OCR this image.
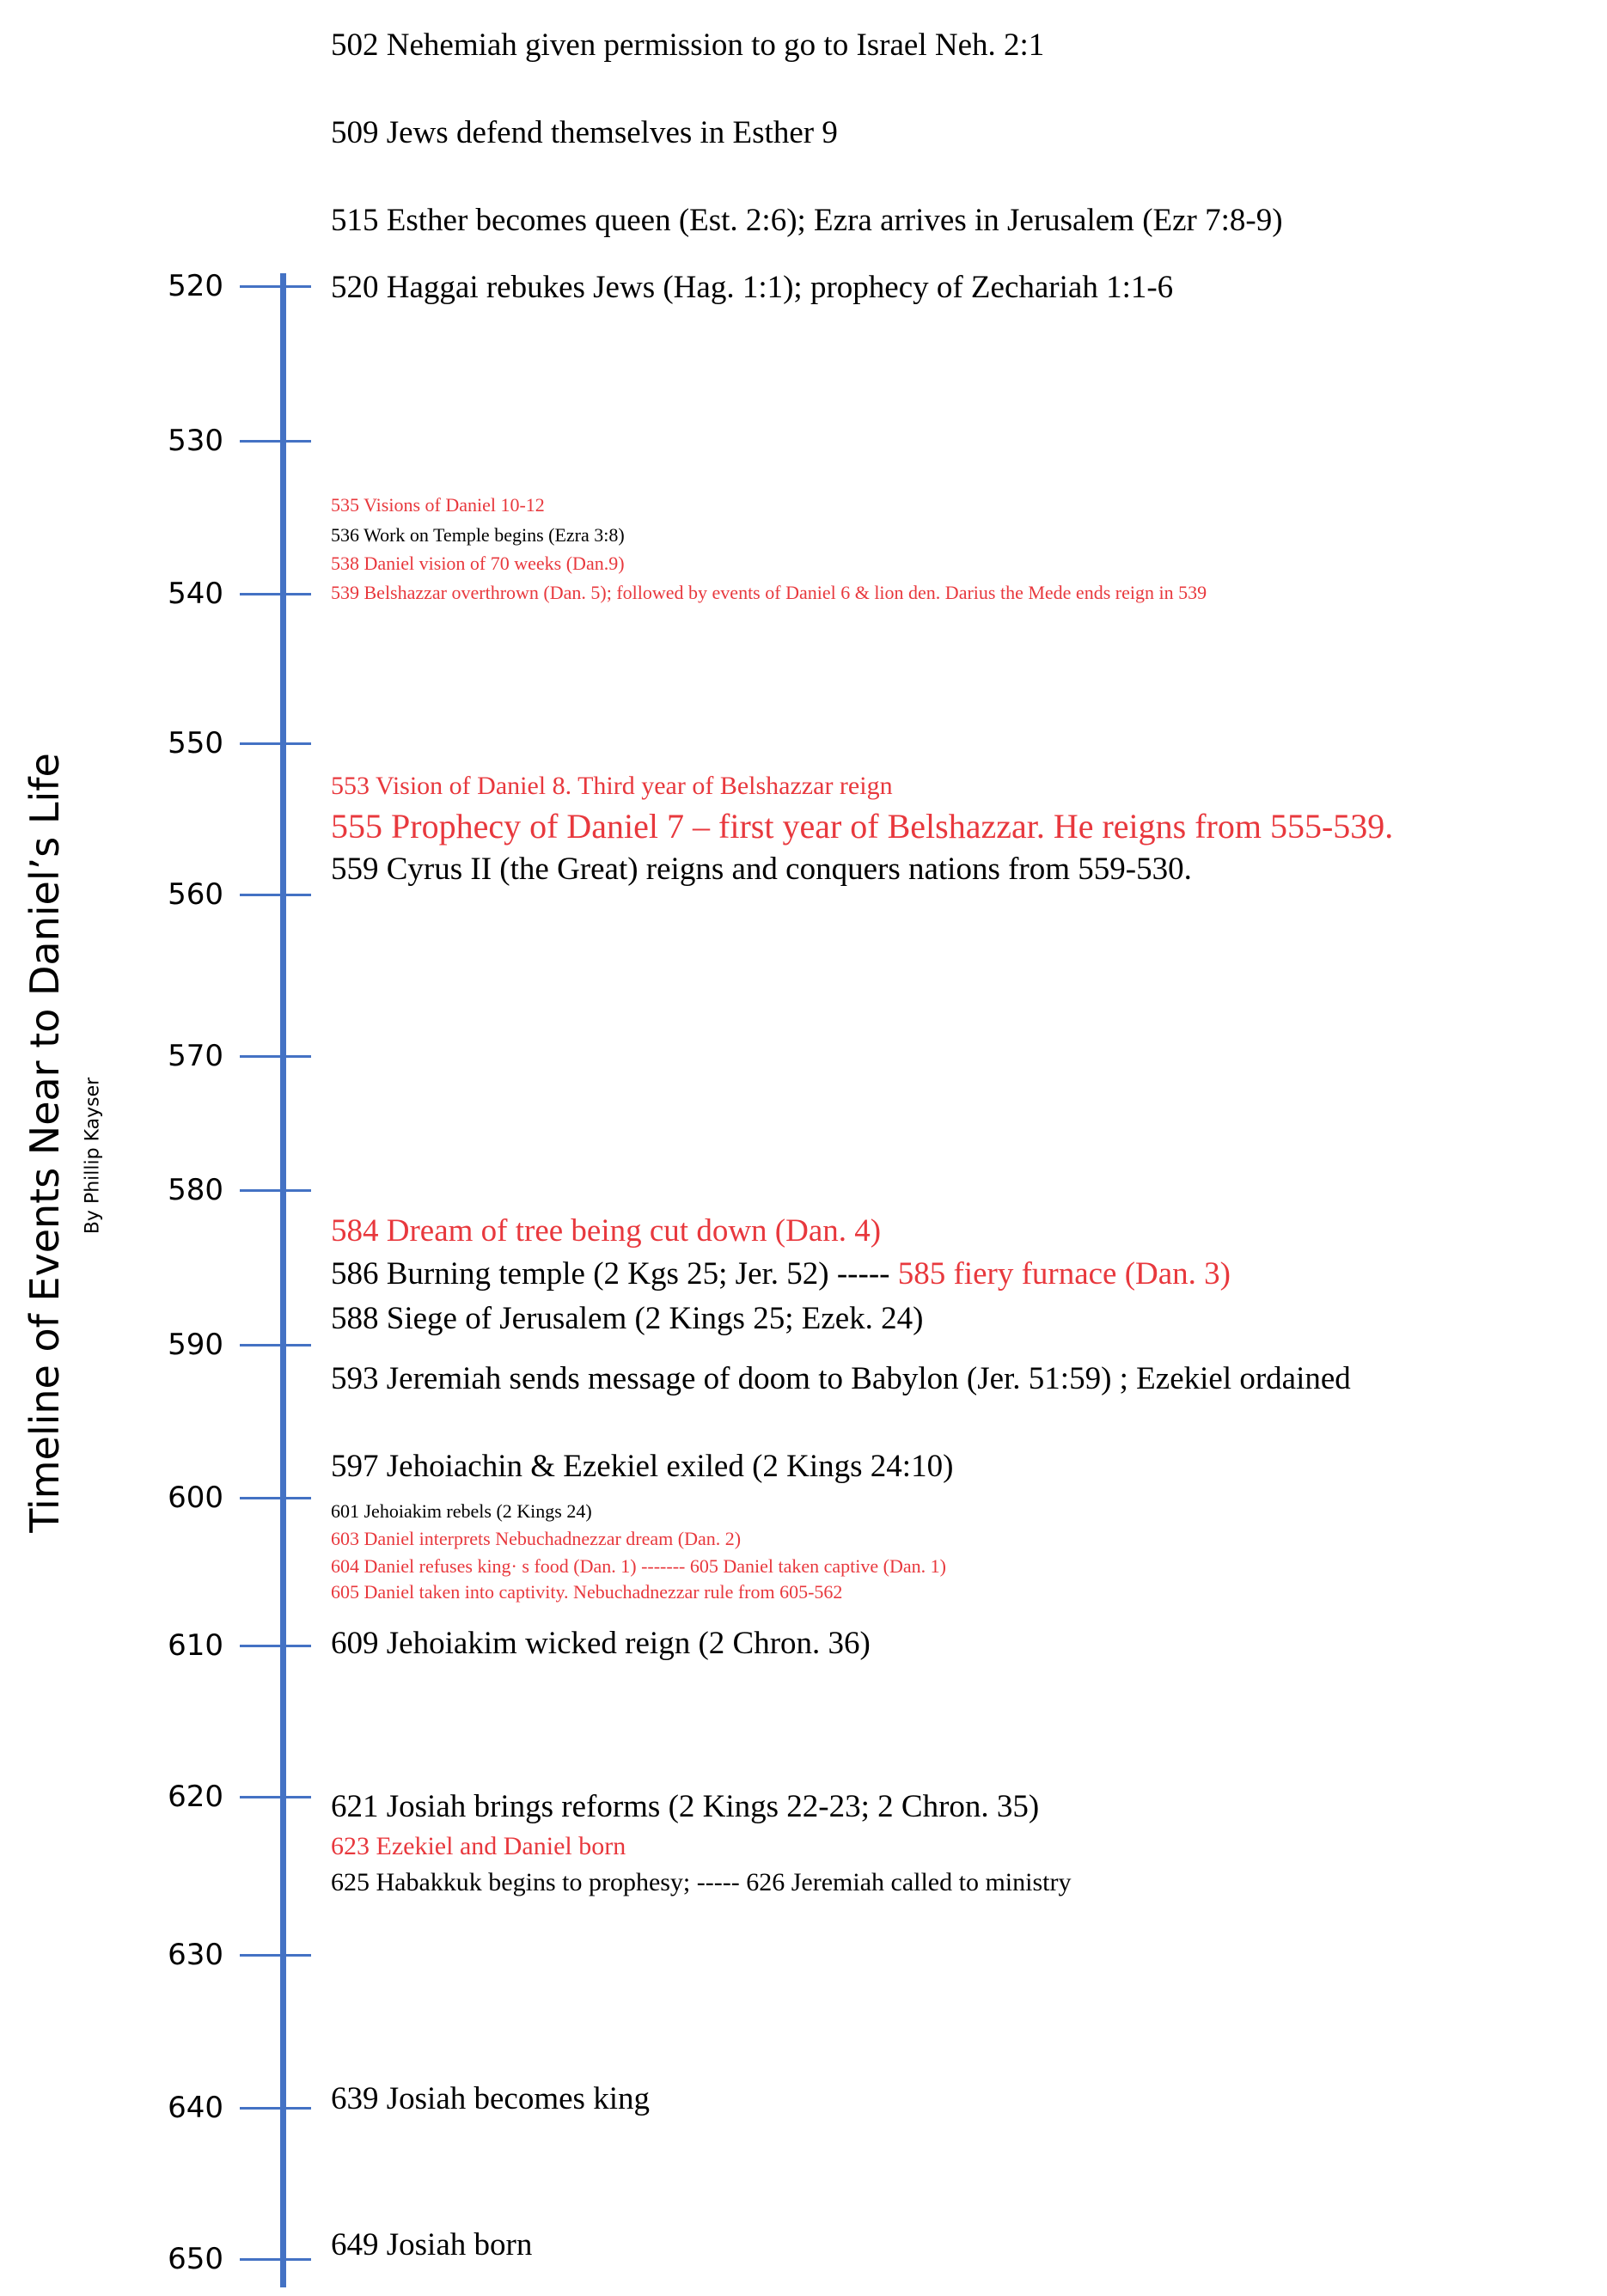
Timeline of Events Near to Daniel’s Life By Phillip Kayser
520
530
540
550
560
570
580
590
600
610
620
630
640
650
502 Nehemiah given permission to go to Israel Neh. 2:1
509 Jews defend themselves in Esther 9
515 Esther becomes queen (Est. 2:6); Ezra arrives in Jerusalem (Ezr 7:8-9)
520 Haggai rebukes Jews (Hag. 1:1); prophecy of Zechariah 1:1-6
535 Visions of Daniel 10-12
536 Work on Temple begins (Ezra 3:8)
538 Daniel vision of 70 weeks (Dan.9)
539 Belshazzar overthrown (Dan. 5); followed by events of Daniel 6 & lion den. Darius the Mede ends reign in 539
553 Vision of Daniel 8. Third year of Belshazzar reign
555 Prophecy of Daniel 7 – first year of Belshazzar. He reigns from 555-539.
559 Cyrus II (the Great) reigns and conquers nations from 559-530.
584 Dream of tree being cut down (Dan. 4)
586 Burning temple (2 Kgs 25; Jer. 52) ----- 585 fiery furnace (Dan. 3)
588 Siege of Jerusalem (2 Kings 25; Ezek. 24)
593 Jeremiah sends message of doom to Babylon (Jer. 51:59) ; Ezekiel ordained
597 Jehoiachin & Ezekiel exiled (2 Kings 24:10)
601 Jehoiakim rebels (2 Kings 24)
603 Daniel interprets Nebuchadnezzar dream (Dan. 2)
604 Daniel refuses king· s food (Dan. 1) ------- 605 Daniel taken captive (Dan. 1)
605 Daniel taken into captivity. Nebuchadnezzar rule from 605-562
609 Jehoiakim wicked reign (2 Chron. 36)
621 Josiah brings reforms (2 Kings 22-23; 2 Chron. 35)
623 Ezekiel and Daniel born
625 Habakkuk begins to prophesy; ----- 626 Jeremiah called to ministry
639 Josiah becomes king
649 Josiah born
